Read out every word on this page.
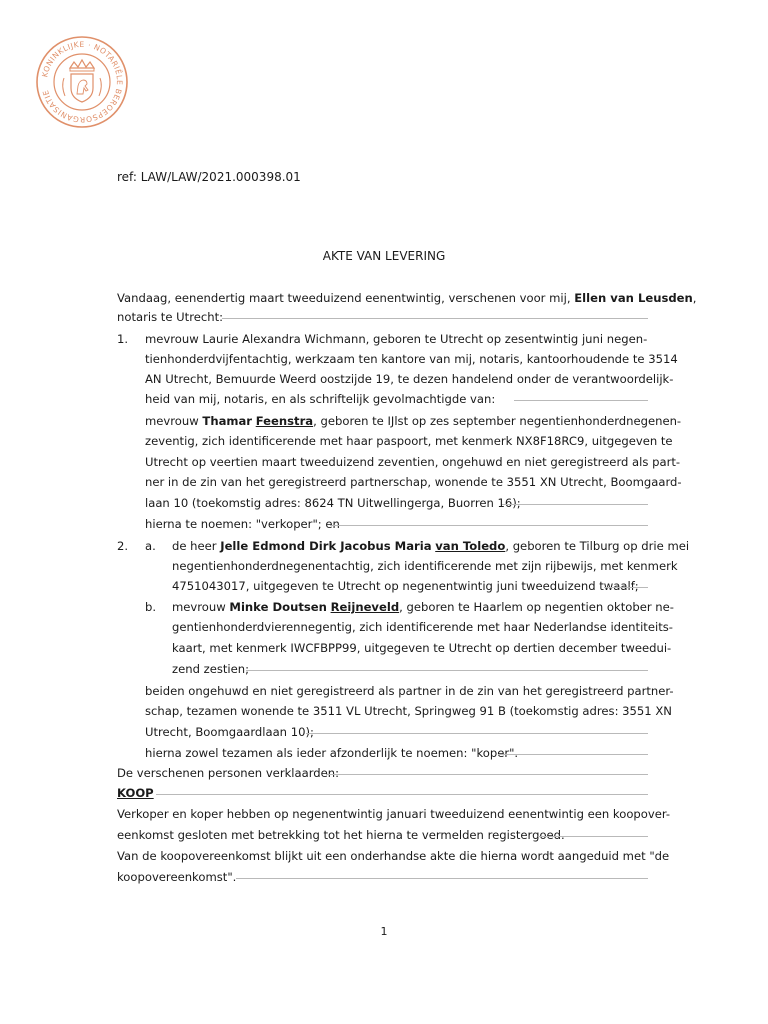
KONINKLIJKE · NOTARIËLE BEROEPSORGANISATIE
ref: LAW/LAW/2021.000398.01
AKTE VAN LEVERING
Vandaag, eenendertig maart tweeduizend eenentwintig, verschenen voor mij, Ellen van Leusden,
notaris te Utrecht:
1. mevrouw Laurie Alexandra Wichmann, geboren te Utrecht op zesentwintig juni negen-
tienhonderdvijfentachtig, werkzaam ten kantore van mij, notaris, kantoorhoudende te 3514
AN Utrecht, Bemuurde Weerd oostzijde 19, te dezen handelend onder de verantwoordelijk-
heid van mij, notaris, en als schriftelijk gevolmachtigde van:
mevrouw Thamar Feenstra, geboren te IJlst op zes september negentienhonderdnegenen-
zeventig, zich identificerende met haar paspoort, met kenmerk NX8F18RC9, uitgegeven te
Utrecht op veertien maart tweeduizend zeventien, ongehuwd en niet geregistreerd als part-
ner in de zin van het geregistreerd partnerschap, wonende te 3551 XN Utrecht, Boomgaard-
laan 10 (toekomstig adres: 8624 TN Uitwellingerga, Buorren 16);
hierna te noemen: "verkoper"; en
2. a. de heer Jelle Edmond Dirk Jacobus Maria van Toledo, geboren te Tilburg op drie mei
negentienhonderdnegenentachtig, zich identificerende met zijn rijbewijs, met kenmerk
4751043017, uitgegeven te Utrecht op negenentwintig juni tweeduizend twaalf;
b. mevrouw Minke Doutsen Reijneveld, geboren te Haarlem op negentien oktober ne-
gentienhonderdvierennegentig, zich identificerende met haar Nederlandse identiteits-
kaart, met kenmerk IWCFBPP99, uitgegeven te Utrecht op dertien december tweedui-
zend zestien;
beiden ongehuwd en niet geregistreerd als partner in de zin van het geregistreerd partner-
schap, tezamen wonende te 3511 VL Utrecht, Springweg 91 B (toekomstig adres: 3551 XN
Utrecht, Boomgaardlaan 10);
hierna zowel tezamen als ieder afzonderlijk te noemen: "koper".
De verschenen personen verklaarden:
KOOP
Verkoper en koper hebben op negenentwintig januari tweeduizend eenentwintig een koopover-
eenkomst gesloten met betrekking tot het hierna te vermelden registergoed.
Van de koopovereenkomst blijkt uit een onderhandse akte die hierna wordt aangeduid met "de
koopovereenkomst".
1
